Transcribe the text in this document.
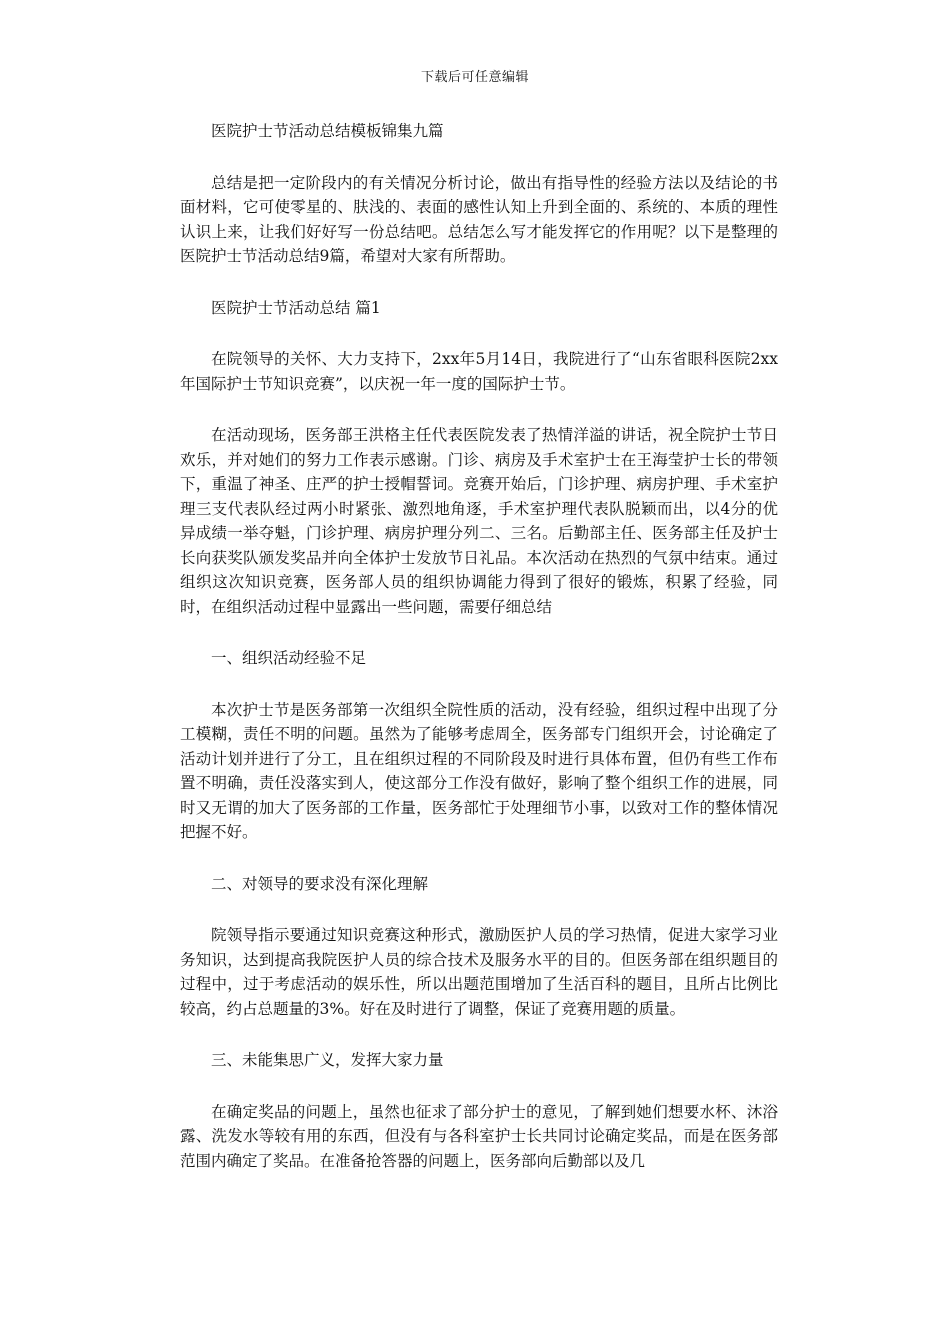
下载后可任意编辑

医院护士节活动总结模板锦集九篇

总结是把一定阶段内的有关情况分析讨论，做出有指导性的经验方法以及结论的书面材料，它可使零星的、肤浅的、表面的感性认知上升到全面的、系统的、本质的理性认识上来，让我们好好写一份总结吧。总结怎么写才能发挥它的作用呢？以下是整理的医院护士节活动总结9篇，希望对大家有所帮助。

医院护士节活动总结 篇1

在院领导的关怀、大力支持下，2xx年5月14日，我院进行了“山东省眼科医院2xx年国际护士节知识竞赛”，以庆祝一年一度的国际护士节。

在活动现场，医务部王洪格主任代表医院发表了热情洋溢的讲话，祝全院护士节日欢乐，并对她们的努力工作表示感谢。门诊、病房及手术室护士在王海莹护士长的带领下，重温了神圣、庄严的护士授帽誓词。竞赛开始后，门诊护理、病房护理、手术室护理三支代表队经过两小时紧张、激烈地角逐，手术室护理代表队脱颖而出，以4分的优异成绩一举夺魁，门诊护理、病房护理分列二、三名。后勤部主任、医务部主任及护士长向获奖队颁发奖品并向全体护士发放节日礼品。本次活动在热烈的气氛中结束。通过组织这次知识竞赛，医务部人员的组织协调能力得到了很好的锻炼，积累了经验，同时，在组织活动过程中显露出一些问题，需要仔细总结

一、组织活动经验不足

本次护士节是医务部第一次组织全院性质的活动，没有经验，组织过程中出现了分工模糊，责任不明的问题。虽然为了能够考虑周全，医务部专门组织开会，讨论确定了活动计划并进行了分工，且在组织过程的不同阶段及时进行具体布置，但仍有些工作布置不明确，责任没落实到人，使这部分工作没有做好，影响了整个组织工作的进展，同时又无谓的加大了医务部的工作量，医务部忙于处理细节小事，以致对工作的整体情况把握不好。

二、对领导的要求没有深化理解

院领导指示要通过知识竞赛这种形式，激励医护人员的学习热情，促进大家学习业务知识，达到提高我院医护人员的综合技术及服务水平的目的。但医务部在组织题目的过程中，过于考虑活动的娱乐性，所以出题范围增加了生活百科的题目，且所占比例比较高，约占总题量的3%。好在及时进行了调整，保证了竞赛用题的质量。

三、未能集思广义，发挥大家力量

在确定奖品的问题上，虽然也征求了部分护士的意见，了解到她们想要水杯、沐浴露、洗发水等较有用的东西，但没有与各科室护士长共同讨论确定奖品，而是在医务部范围内确定了奖品。在准备抢答器的问题上，医务部向后勤部以及几
